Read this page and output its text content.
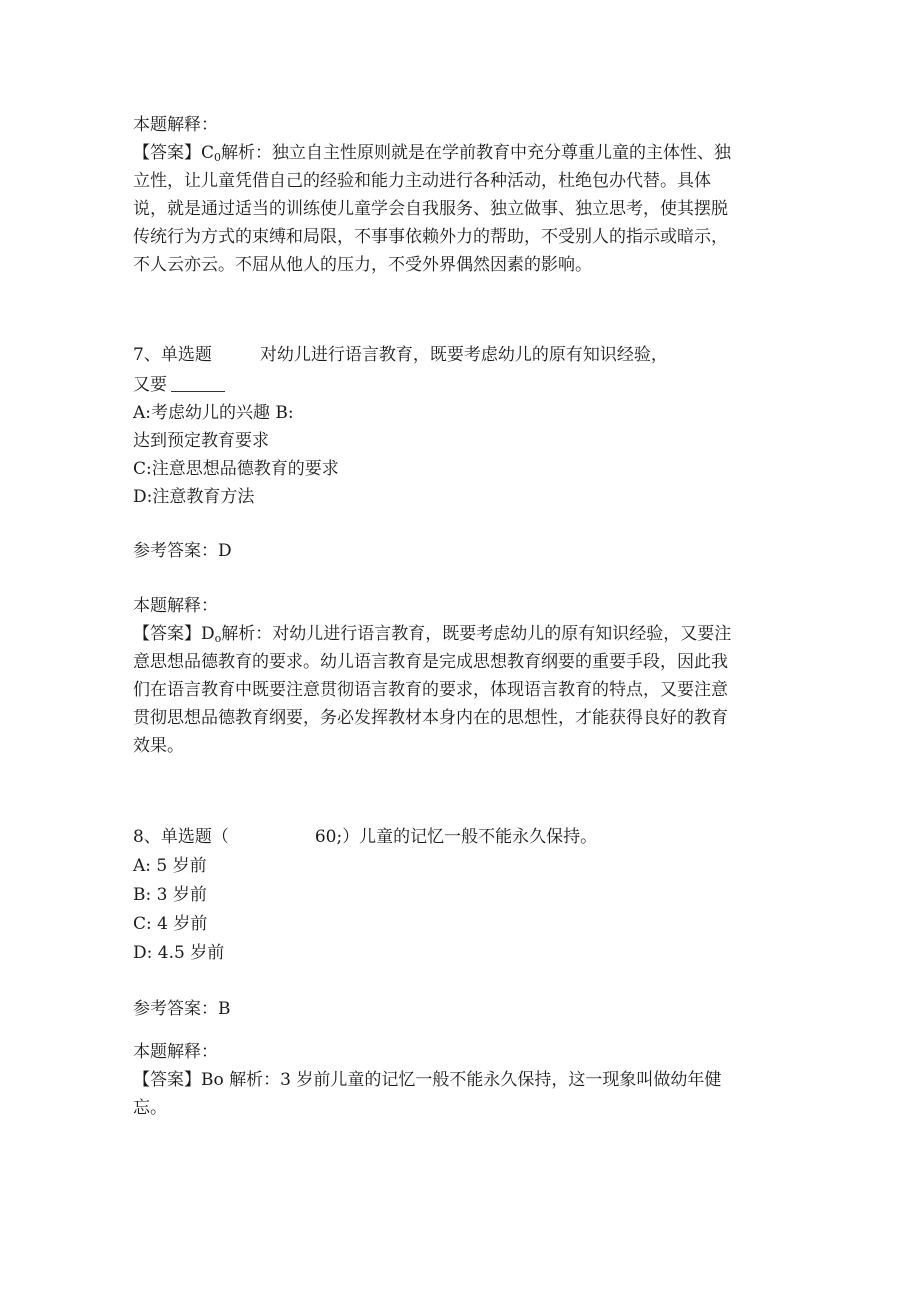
本题解释：
【答案】$C_0$解析：独立自主性原则就是在学前教育中充分尊重儿童的主体性、独
立性，让儿童凭借自己的经验和能力主动进行各种活动，杜绝包办代替。具体
说，就是通过适当的训练使儿童学会自我服务、独立做事、独立思考，使其摆脱
传统行为方式的束缚和局限，不事事依赖外力的帮助，不受别人的指示或暗示，
不人云亦云。不屈从他人的压力，不受外界偶然因素的影响。
7、单选题	对幼儿进行语言教育，既要考虑幼儿的原有知识经验，
又要
A:考虑幼儿的兴趣 B:
达到预定教育要求
C:注意思想品德教育的要求
D:注意教育方法
参考答案：D
本题解释：
【答案】$D_o$解析：对幼儿进行语言教育，既要考虑幼儿的原有知识经验，又要注
意思想品德教育的要求。幼儿语言教育是完成思想教育纲要的重要手段，因此我
们在语言教育中既要注意贯彻语言教育的要求，体现语言教育的特点，又要注意
贯彻思想品德教育纲要，务必发挥教材本身内在的思想性，才能获得良好的教育
效果。
8、单选题（	60;）儿童的记忆一般不能永久保持。
A: 5 岁前
B: 3 岁前
C: 4 岁前
D: 4.5 岁前
参考答案：B
本题解释：
【答案】Bo 解析：3 岁前儿童的记忆一般不能永久保持，这一现象叫做幼年健
忘。
